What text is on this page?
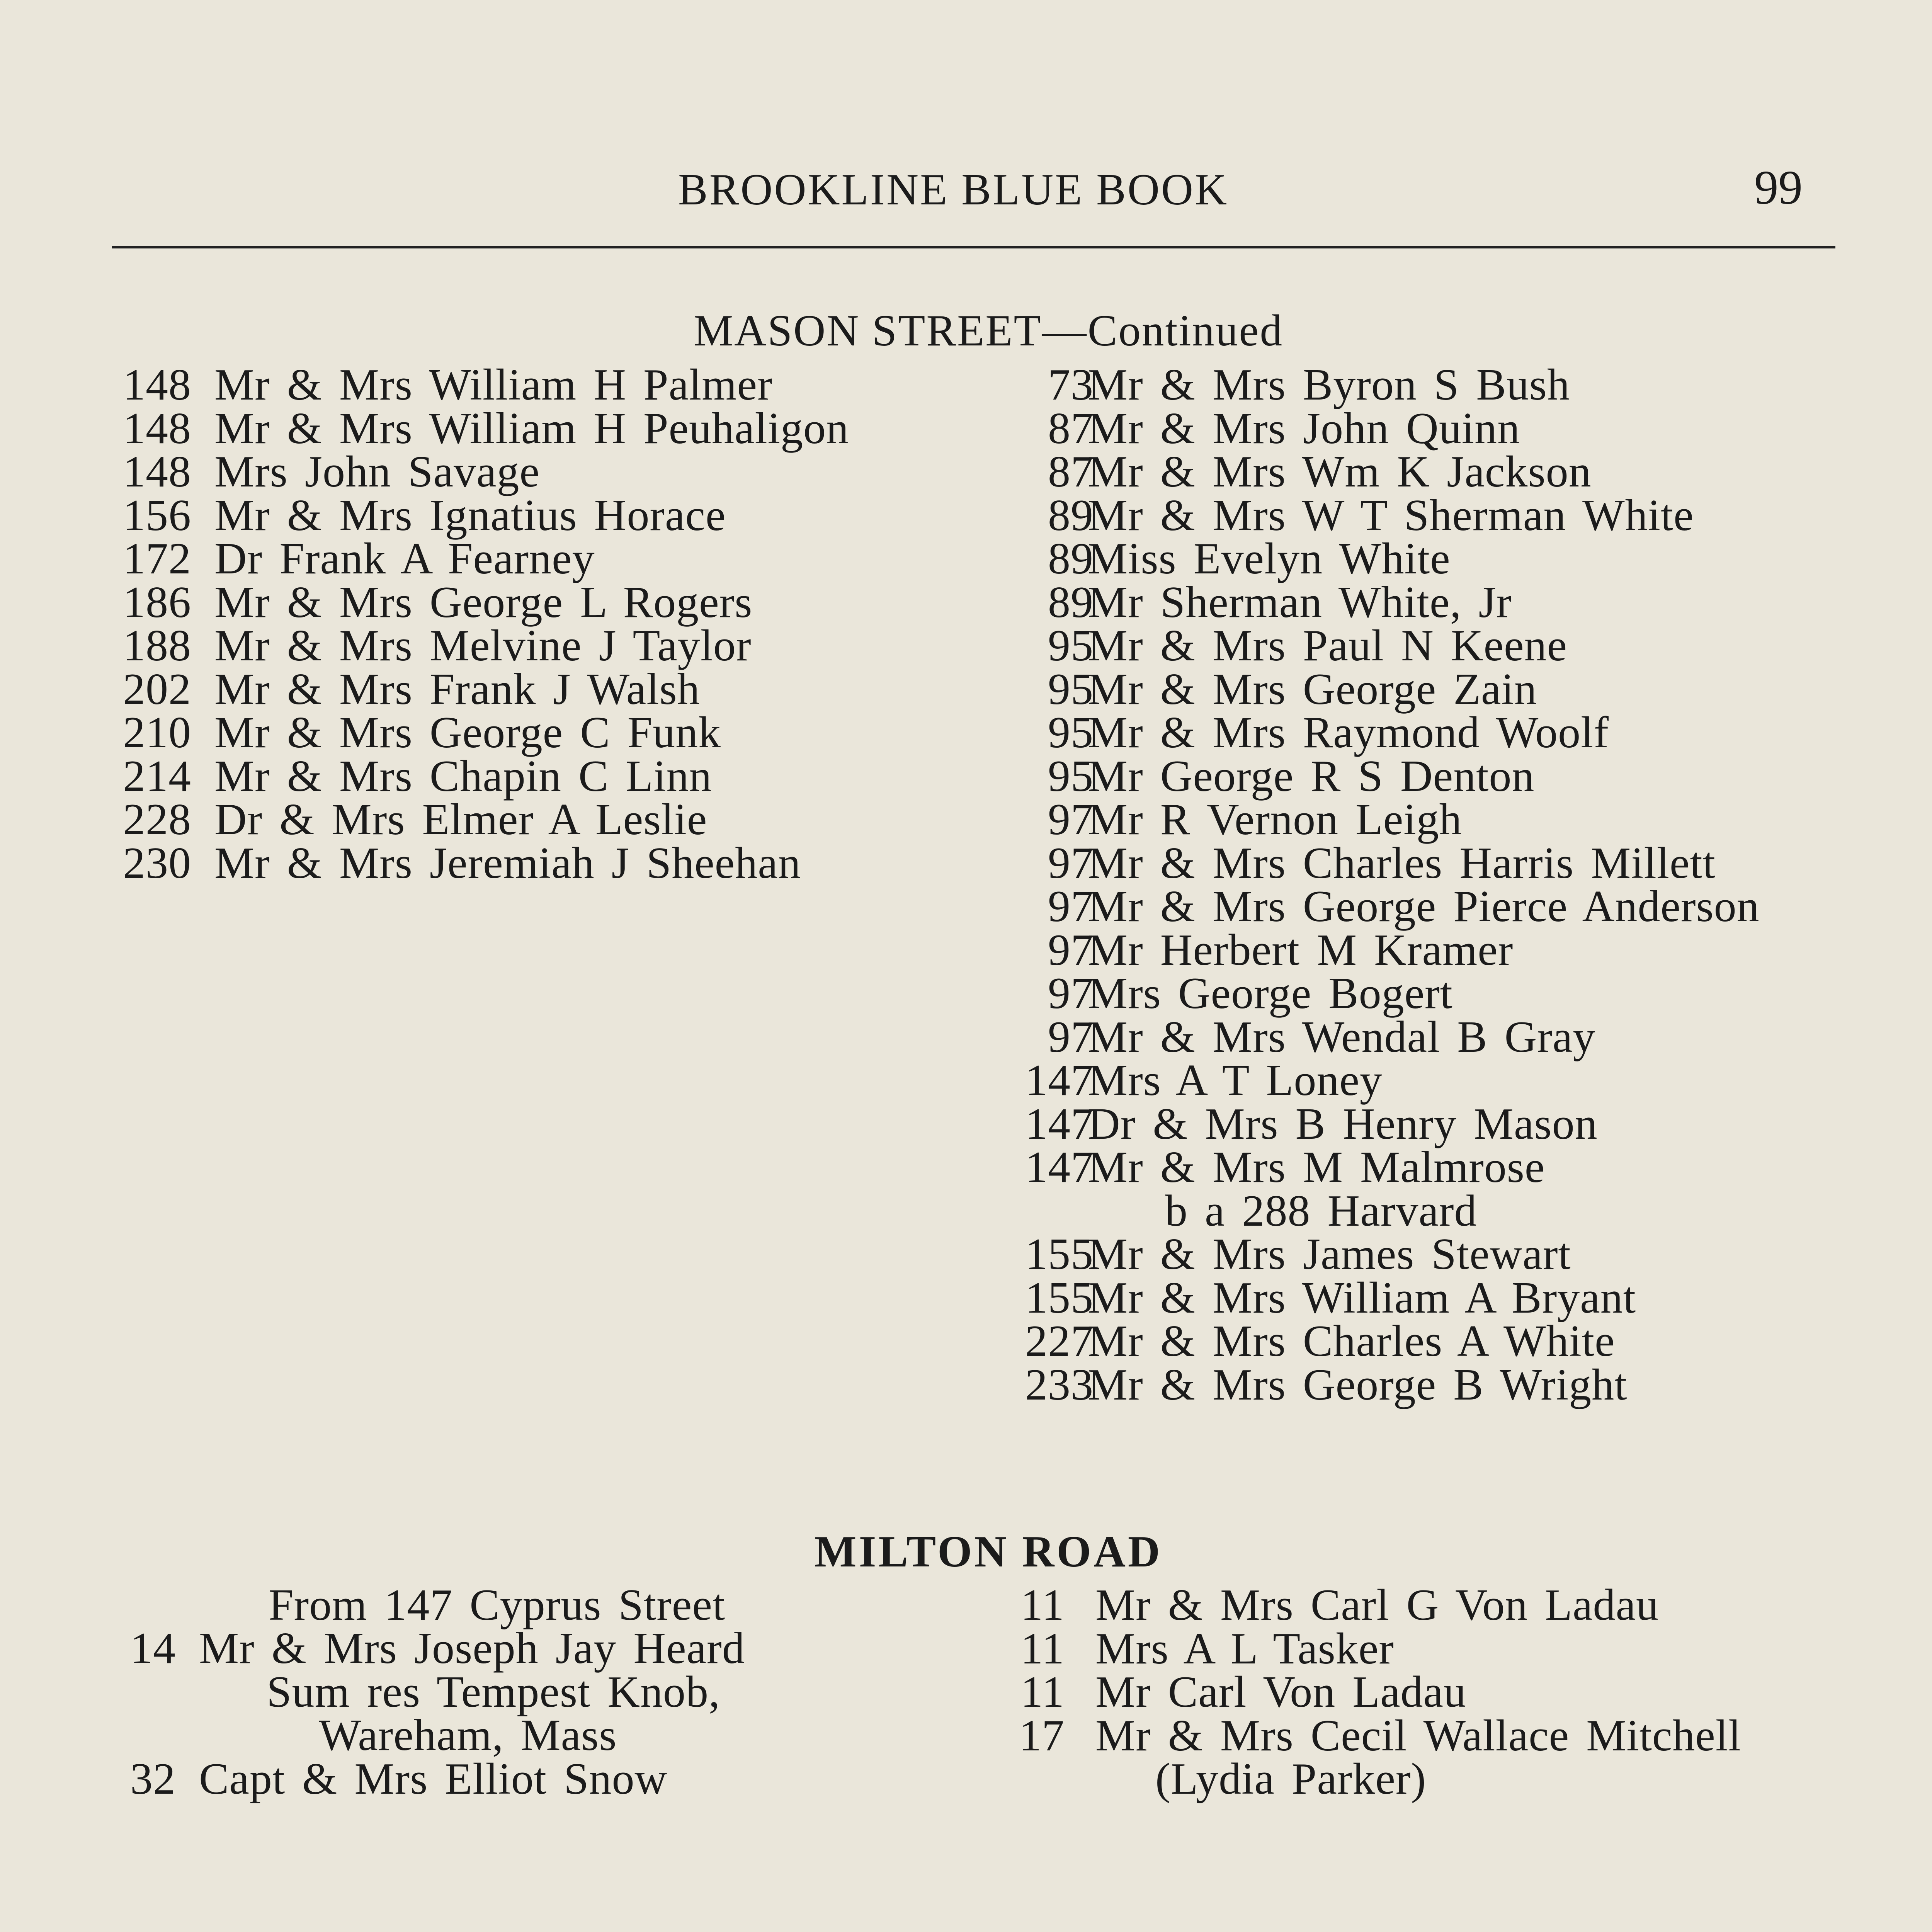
BROOKLINE BLUE BOOK	99
MASON STREET—Continued
148 Mr & Mrs William H Palmer
148 Mr & Mrs William H Peuhaligon
148 Mrs John Savage
156 Mr & Mrs Ignatius Horace
172 Dr Frank A Fearney
186 Mr & Mrs George L Rogers
188 Mr & Mrs Melvine J Taylor
202 Mr & Mrs Frank J Walsh
210 Mr & Mrs George C Funk
214 Mr & Mrs Chapin C Linn
228 Dr & Mrs Elmer A Leslie
230 Mr & Mrs Jeremiah J Sheehan
73
Mr & Mrs Byron S Bush
87
Mr & Mrs John Quinn
87
Mr & Mrs Wm K Jackson
89
Mr & Mrs W T Sherman White
89
Miss Evelyn White
89
Mr Sherman White, Jr
95
Mr & Mrs Paul N Keene
95
Mr & Mrs George Zain
95
Mr & Mrs Raymond Woolf
95
Mr George R S Denton
97
Mr R Vernon Leigh
97
Mr & Mrs Charles Harris Millett
97
Mr & Mrs George Pierce Anderson
97
Mr Herbert M Kramer
97
Mrs George Bogert
97
Mr & Mrs Wendal B Gray
147
Mrs A T Loney
147
Dr & Mrs B Henry Mason
147
Mr & Mrs M Malmrose
b a 288 Harvard
155
Mr & Mrs James Stewart
155
Mr & Mrs William A Bryant
227
Mr & Mrs Charles A White
233
Mr & Mrs George B Wright
MILTON ROAD
From 147 Cyprus Street
14 Mr & Mrs Joseph Jay Heard
Sum res Tempest Knob,
Wareham, Mass
32 Capt & Mrs Elliot Snow
11 Mr & Mrs Carl G Von Ladau
11 Mrs A L Tasker
11 Mr Carl Von Ladau
17 Mr & Mrs Cecil Wallace Mitchell
(Lydia Parker)
